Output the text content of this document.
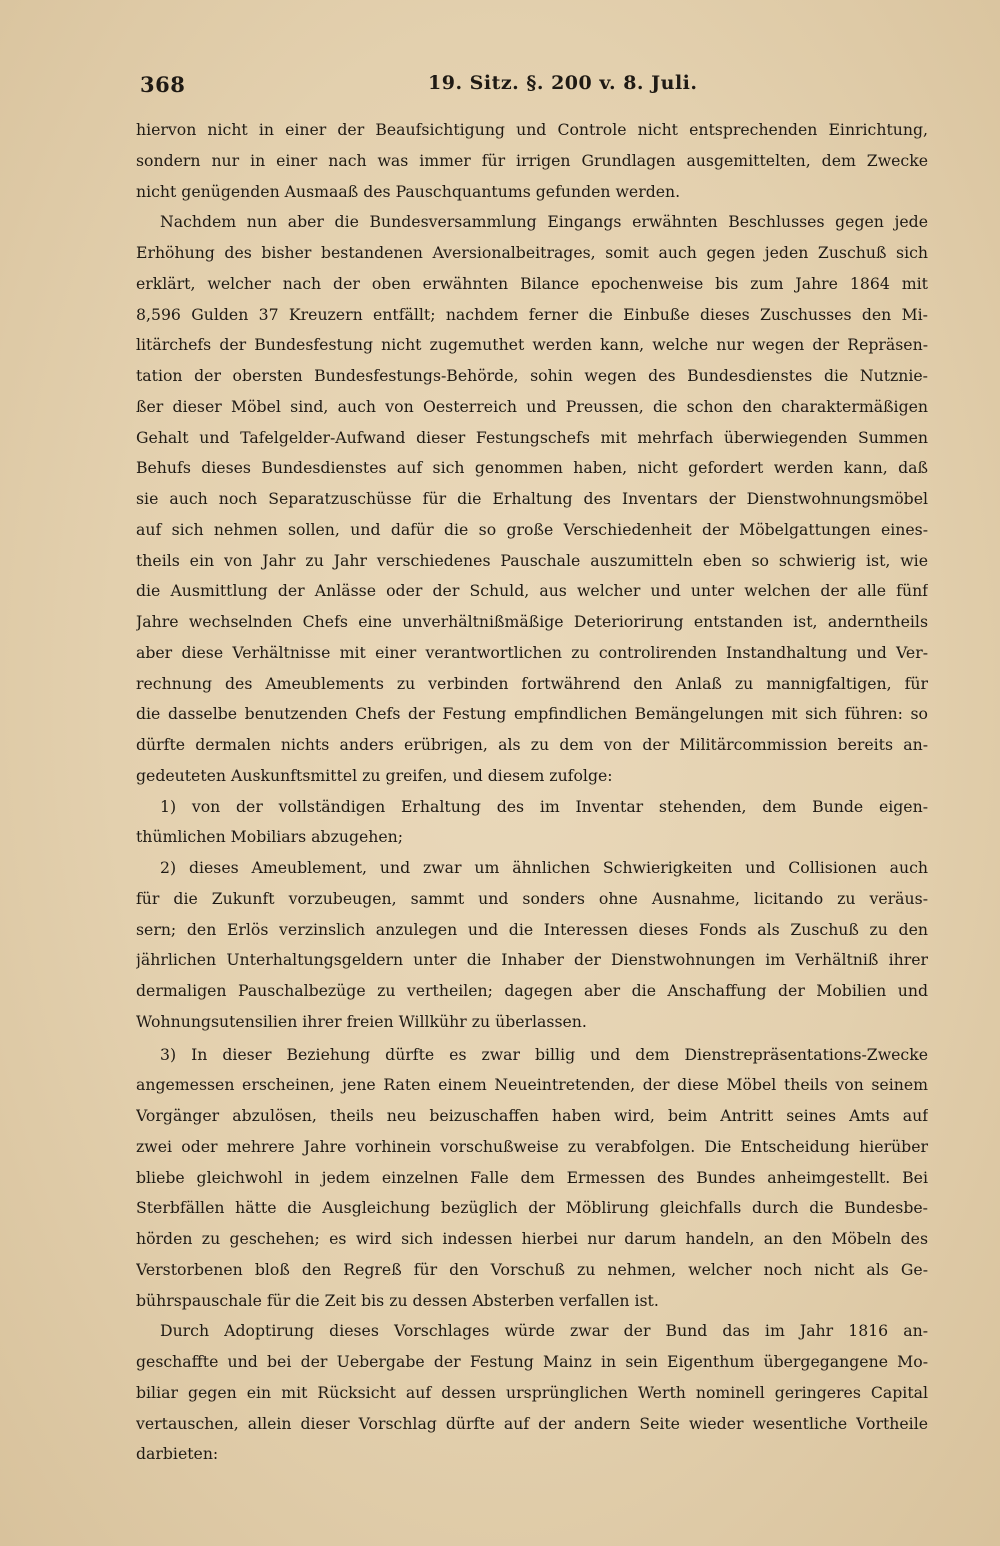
368	19. Sitz. §. 200 v. 8. Juli.
hiervon nicht in einer der Beaufsichtigung und Controle nicht entsprechenden Einrichtung,
sondern nur in einer nach was immer für irrigen Grundlagen ausgemittelten, dem Zwecke
nicht genügenden Ausmaaß des Pauschquantums gefunden werden.
Nachdem nun aber die Bundesversammlung Eingangs erwähnten Beschlusses gegen jede
Erhöhung des bisher bestandenen Aversionalbeitrages, somit auch gegen jeden Zuschuß sich
erklärt, welcher nach der oben erwähnten Bilance epochenweise bis zum Jahre 1864 mit
8,596 Gulden 37 Kreuzern entfällt; nachdem ferner die Einbuße dieses Zuschusses den Mi-
litärchefs der Bundesfestung nicht zugemuthet werden kann, welche nur wegen der Repräsen-
tation der obersten Bundesfestungs-Behörde, sohin wegen des Bundesdienstes die Nutznie-
ßer dieser Möbel sind, auch von Oesterreich und Preussen, die schon den charaktermäßigen
Gehalt und Tafelgelder-Aufwand dieser Festungschefs mit mehrfach überwiegenden Summen
Behufs dieses Bundesdienstes auf sich genommen haben, nicht gefordert werden kann, daß
sie auch noch Separatzuschüsse für die Erhaltung des Inventars der Dienstwohnungsmöbel
auf sich nehmen sollen, und dafür die so große Verschiedenheit der Möbelgattungen eines-
theils ein von Jahr zu Jahr verschiedenes Pauschale auszumitteln eben so schwierig ist, wie
die Ausmittlung der Anlässe oder der Schuld, aus welcher und unter welchen der alle fünf
Jahre wechselnden Chefs eine unverhältnißmäßige Deteriorirung entstanden ist, anderntheils
aber diese Verhältnisse mit einer verantwortlichen zu controlirenden Instandhaltung und Ver-
rechnung des Ameublements zu verbinden fortwährend den Anlaß zu mannigfaltigen, für
die dasselbe benutzenden Chefs der Festung empfindlichen Bemängelungen mit sich führen: so
dürfte dermalen nichts anders erübrigen, als zu dem von der Militärcommission bereits an-
gedeuteten Auskunftsmittel zu greifen, und diesem zufolge:
1) von der vollständigen Erhaltung des im Inventar stehenden, dem Bunde eigen-
thümlichen Mobiliars abzugehen;
2) dieses Ameublement, und zwar um ähnlichen Schwierigkeiten und Collisionen auch
für die Zukunft vorzubeugen, sammt und sonders ohne Ausnahme, licitando zu veräus-
sern; den Erlös verzinslich anzulegen und die Interessen dieses Fonds als Zuschuß zu den
jährlichen Unterhaltungsgeldern unter die Inhaber der Dienstwohnungen im Verhältniß ihrer
dermaligen Pauschalbezüge zu vertheilen; dagegen aber die Anschaffung der Mobilien und
Wohnungsutensilien ihrer freien Willkühr zu überlassen.
3) In dieser Beziehung dürfte es zwar billig und dem Dienstrepräsentations-Zwecke
angemessen erscheinen, jene Raten einem Neueintretenden, der diese Möbel theils von seinem
Vorgänger abzulösen, theils neu beizuschaffen haben wird, beim Antritt seines Amts auf
zwei oder mehrere Jahre vorhinein vorschußweise zu verabfolgen. Die Entscheidung hierüber
bliebe gleichwohl in jedem einzelnen Falle dem Ermessen des Bundes anheimgestellt. Bei
Sterbfällen hätte die Ausgleichung bezüglich der Möblirung gleichfalls durch die Bundesbe-
hörden zu geschehen; es wird sich indessen hierbei nur darum handeln, an den Möbeln des
Verstorbenen bloß den Regreß für den Vorschuß zu nehmen, welcher noch nicht als Ge-
bührspauschale für die Zeit bis zu dessen Absterben verfallen ist.
Durch Adoptirung dieses Vorschlages würde zwar der Bund das im Jahr 1816 an-
geschaffte und bei der Uebergabe der Festung Mainz in sein Eigenthum übergegangene Mo-
biliar gegen ein mit Rücksicht auf dessen ursprünglichen Werth nominell geringeres Capital
vertauschen, allein dieser Vorschlag dürfte auf der andern Seite wieder wesentliche Vortheile
darbieten:
